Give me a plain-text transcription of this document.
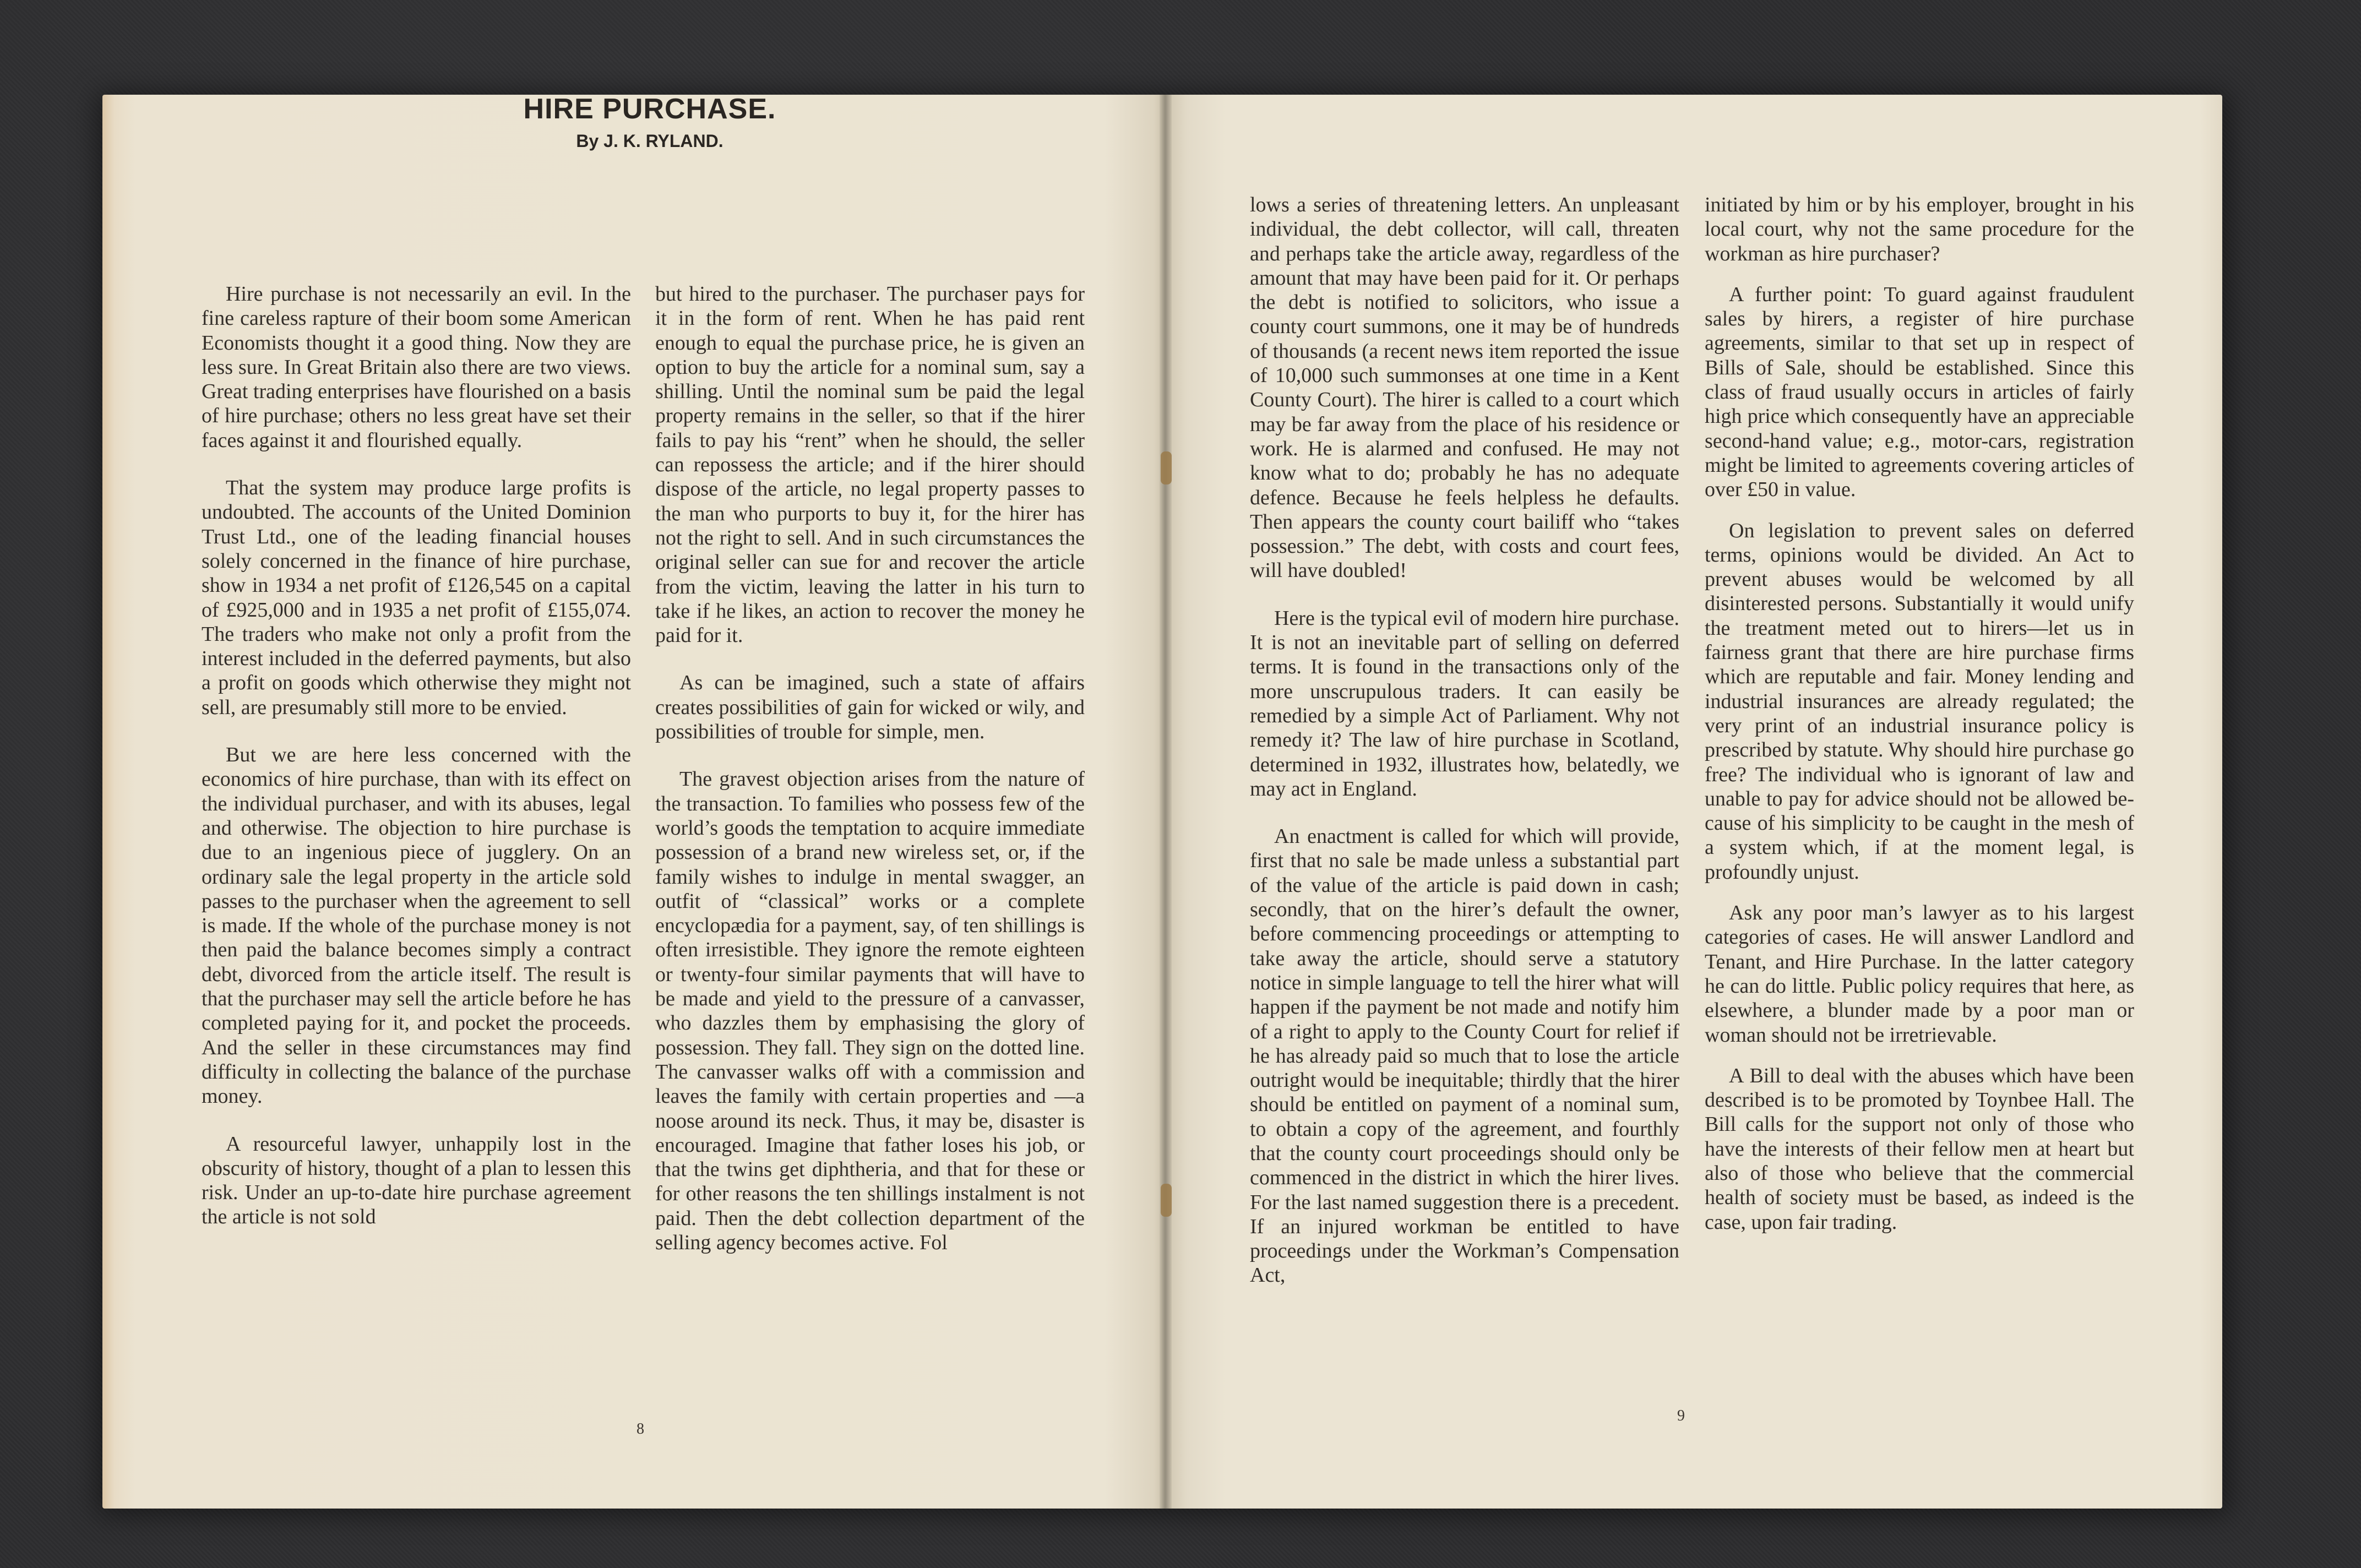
HIRE PURCHASE.
By J. K. RYLAND.

Hire purchase is not necessarily an evil. In the fine careless rapture of their boom some American Economists thought it a good thing. Now they are less sure. In Great Britain also there are two views. Great trading enterprises have flourished on a basis of hire purchase; others no less great have set their faces against it and flourished equally.

That the system may produce large profits is undoubted. The accounts of the United Dominion Trust Ltd., one of the leading financial houses solely concerned in the finance of hire purchase, show in 1934 a net profit of £126,545 on a capital of £925,000 and in 1935 a net profit of £155,074. The traders who make not only a profit from the interest included in the deferred payments, but also a profit on goods which otherwise they might not sell, are presumably still more to be envied.

But we are here less concerned with the economics of hire purchase, than with its effect on the individual purchaser, and with its abuses, legal and otherwise. The objection to hire purchase is due to an ingenious piece of jugglery. On an ordinary sale the legal property in the article sold passes to the purchaser when the agreement to sell is made. If the whole of the purchase money is not then paid the balance becomes simply a contract debt, divorced from the article itself. The result is that the purchaser may sell the article before he has completed paying for it, and pocket the proceeds. And the seller in these circumstances may find difficulty in collecting the balance of the purchase money.

A resourceful lawyer, unhappily lost in the obscurity of history, thought of a plan to lessen this risk. Under an up-to-date hire purchase agreement the article is not sold

but hired to the purchaser. The purchaser pays for it in the form of rent. When he has paid rent enough to equal the purchase price, he is given an option to buy the article for a nominal sum, say a shilling. Until the nominal sum be paid the legal property remains in the seller, so that if the hirer fails to pay his “rent” when he should, the seller can repossess the article; and if the hirer should dispose of the article, no legal property passes to the man who purports to buy it, for the hirer has not the right to sell. And in such circumstances the original seller can sue for and recover the article from the victim, leaving the latter in his turn to take if he likes, an action to recover the money he paid for it.

As can be imagined, such a state of affairs creates possibilities of gain for wicked or wily, and possibilities of trouble for simple, men.

The gravest objection arises from the nature of the transaction. To families who possess few of the world’s goods the temptation to acquire immediate possession of a brand new wireless set, or, if the family wishes to indulge in mental swagger, an outfit of “classical” works or a complete encyclopædia for a payment, say, of ten shillings is often irresistible. They ignore the remote eighteen or twenty-four similar payments that will have to be made and yield to the pressure of a canvasser, who dazzles them by emphasising the glory of possession. They fall. They sign on the dotted line. The canvasser walks off with a commission and leaves the family with certain properties and —a noose around its neck. Thus, it may be, disaster is encouraged. Imagine that father loses his job, or that the twins get diphtheria, and that for these or for other reasons the ten shillings instalment is not paid. Then the debt collection department of the selling agency becomes active. Fol

8

lows a series of threatening letters. An unpleasant individual, the debt collector, will call, threaten and perhaps take the article away, regardless of the amount that may have been paid for it. Or perhaps the debt is notified to solicitors, who issue a county court summons, one it may be of hundreds of thousands (a recent news item reported the issue of 10,000 such summonses at one time in a Kent County Court). The hirer is called to a court which may be far away from the place of his residence or work. He is alarmed and confused. He may not know what to do; probably he has no adequate defence. Because he feels helpless he defaults. Then appears the county court bailiff who “takes possession.” The debt, with costs and court fees, will have doubled!

Here is the typical evil of modern hire purchase. It is not an inevitable part of selling on deferred terms. It is found in the transactions only of the more unscrupulous traders. It can easily be remedied by a simple Act of Parliament. Why not remedy it? The law of hire purchase in Scotland, determined in 1932, illustrates how, belatedly, we may act in England.

An enactment is called for which will provide, first that no sale be made unless a substantial part of the value of the article is paid down in cash; secondly, that on the hirer’s default the owner, before commencing proceedings or attempting to take away the article, should serve a statutory notice in simple language to tell the hirer what will happen if the payment be not made and notify him of a right to apply to the County Court for relief if he has already paid so much that to lose the article outright would be inequitable; thirdly that the hirer should be entitled on payment of a nominal sum, to obtain a copy of the agreement, and fourthly that the county court proceedings should only be commenced in the district in which the hirer lives. For the last named suggestion there is a precedent. If an injured workman be entitled to have proceedings under the Workman’s Compensation Act,

initiated by him or by his employer, brought in his local court, why not the same procedure for the workman as hire purchaser?

A further point: To guard against fraudulent sales by hirers, a register of hire purchase agreements, similar to that set up in respect of Bills of Sale, should be established. Since this class of fraud usually occurs in articles of fairly high price which consequently have an appreciable second-hand value; e.g., motor-cars, registration might be limited to agreements covering articles of over £50 in value.

On legislation to prevent sales on deferred terms, opinions would be divided. An Act to prevent abuses would be welcomed by all disinterested persons. Substantially it would unify the treatment meted out to hirers—let us in fairness grant that there are hire purchase firms which are reputable and fair. Money lending and industrial insurances are already regulated; the very print of an industrial insurance policy is prescribed by statute. Why should hire purchase go free? The individual who is ignorant of law and unable to pay for advice should not be allowed because of his simplicity to be caught in the mesh of a system which, if at the moment legal, is profoundly unjust.

Ask any poor man’s lawyer as to his largest categories of cases. He will answer Landlord and Tenant, and Hire Purchase. In the latter category he can do little. Public policy requires that here, as elsewhere, a blunder made by a poor man or woman should not be irretrievable.

A Bill to deal with the abuses which have been described is to be promoted by Toynbee Hall. The Bill calls for the support not only of those who have the interests of their fellow men at heart but also of those who believe that the commercial health of society must be based, as indeed is the case, upon fair trading.

9
